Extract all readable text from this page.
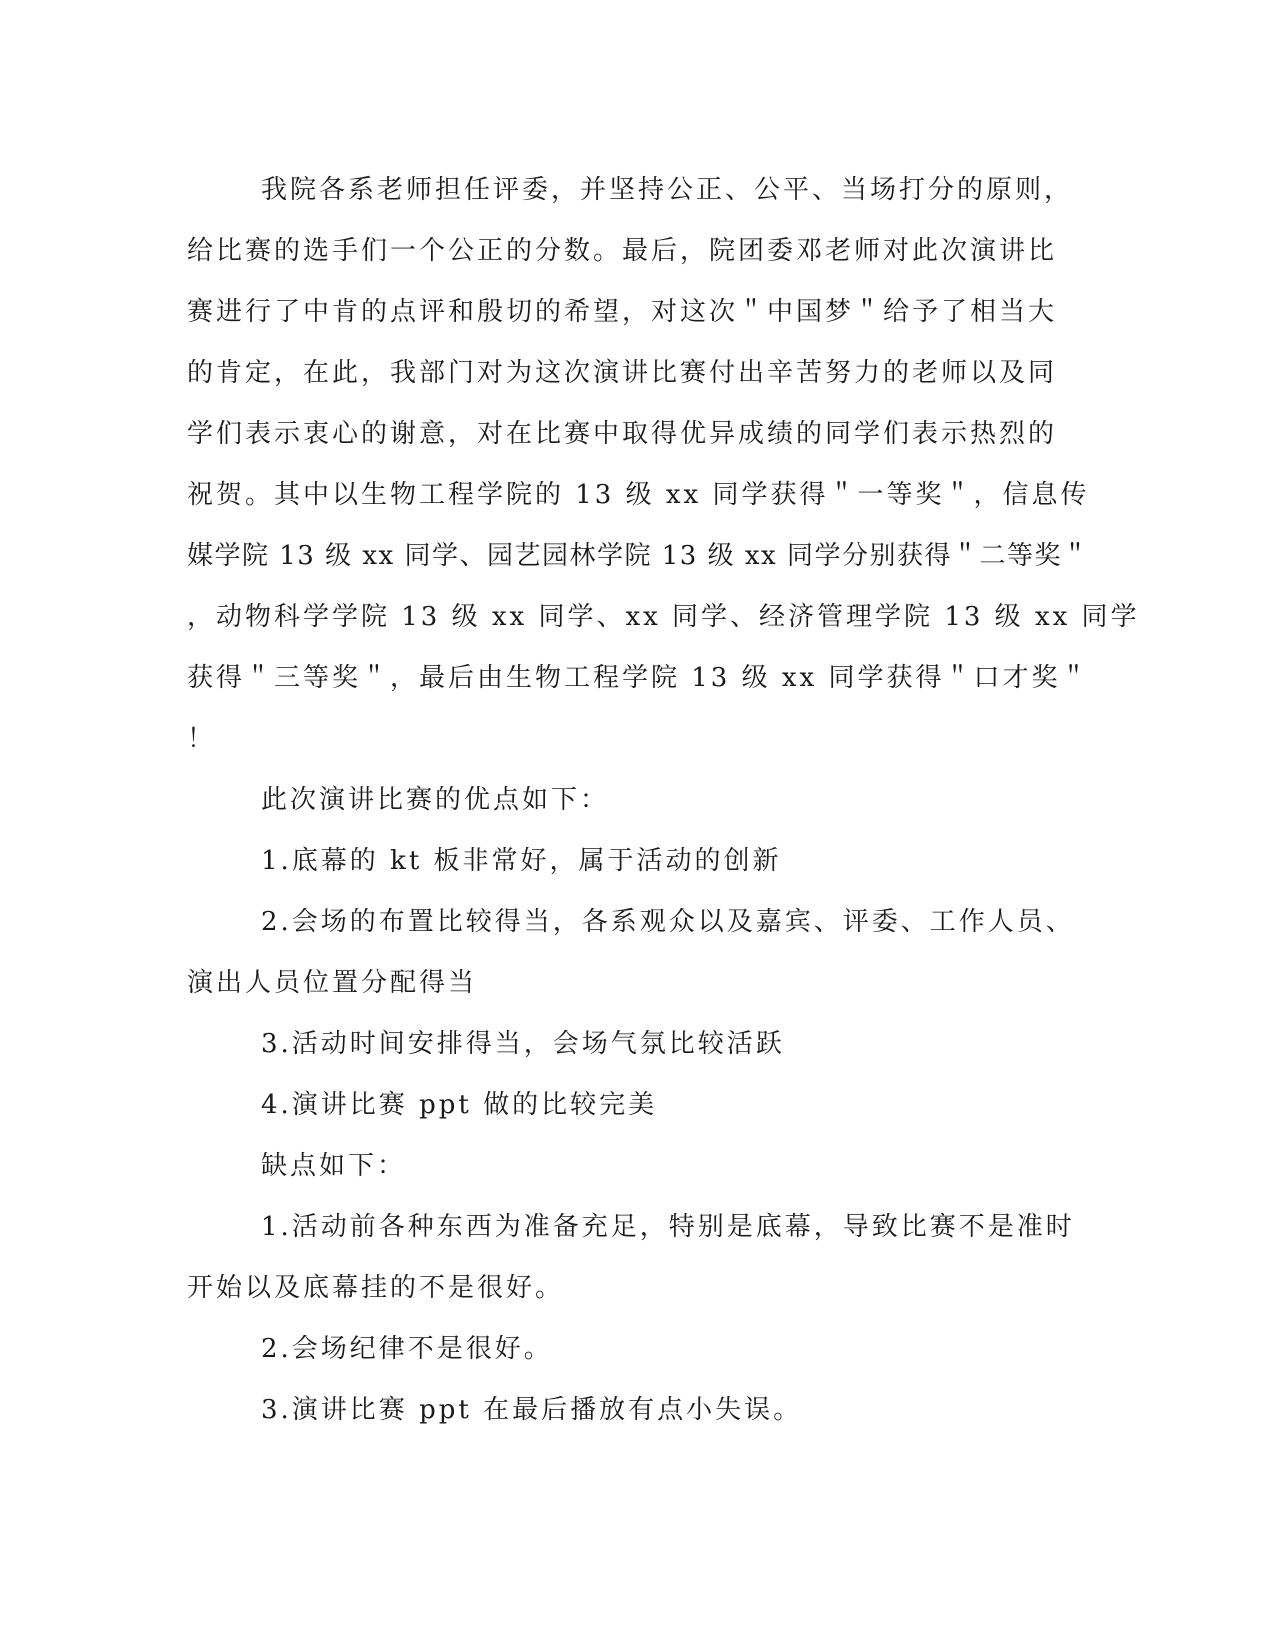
我院各系老师担任评委，并坚持公正、公平、当场打分的原则，
给比赛的选手们一个公正的分数。最后，院团委邓老师对此次演讲比
赛进行了中肯的点评和殷切的希望，对这次＂中国梦＂给予了相当大
的肯定，在此，我部门对为这次演讲比赛付出辛苦努力的老师以及同
学们表示衷心的谢意，对在比赛中取得优异成绩的同学们表示热烈的
祝贺。其中以生物工程学院的 13 级 xx 同学获得＂一等奖＂，信息传
媒学院 13 级 xx 同学、园艺园林学院 13 级 xx 同学分别获得＂二等奖＂
，动物科学学院 13 级 xx 同学、xx 同学、经济管理学院 13 级 xx 同学
获得＂三等奖＂，最后由生物工程学院 13 级 xx 同学获得＂口才奖＂
！
此次演讲比赛的优点如下：
1.底幕的 kt 板非常好，属于活动的创新
2.会场的布置比较得当，各系观众以及嘉宾、评委、工作人员、
演出人员位置分配得当
3.活动时间安排得当，会场气氛比较活跃
4.演讲比赛 ppt 做的比较完美
缺点如下：
1.活动前各种东西为准备充足，特别是底幕，导致比赛不是准时
开始以及底幕挂的不是很好。
2.会场纪律不是很好。
3.演讲比赛 ppt 在最后播放有点小失误。
